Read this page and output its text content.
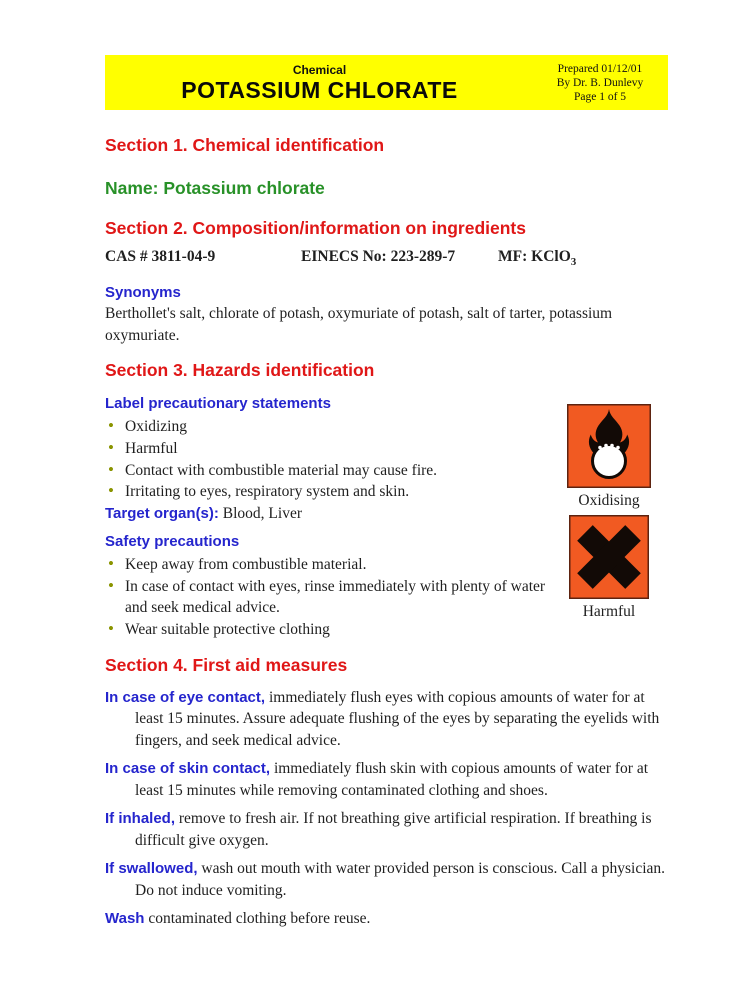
Chemical
POTASSIUM CHLORATE
Prepared 01/12/01
By Dr. B. Dunlevy
Page 1 of 5
Section 1. Chemical identification
Name: Potassium chlorate
Section 2. Composition/information on ingredients
CAS # 3811-04-9	EINECS No: 223-289-7	MF: KClO$_3$
Synonyms

Berthollet's salt, chlorate of potash, oxymuriate of potash, salt of tarter, potassium oxymuriate.

Section 3. Hazards identification
Label precautionary statements
• Oxidizing
• Harmful
• Contact with combustible material may cause fire.
• Irritating to eyes, respiratory system and skin.
Target organ(s): Blood, Liver
Safety precautions
• Keep away from combustible material.
• In case of contact with eyes, rinse immediately with plenty of water and seek medical advice.
• Wear suitable protective clothing
Section 4. First aid measures

In case of eye contact, immediately flush eyes with copious amounts of water for at least 15 minutes. Assure adequate flushing of the eyes by separating the eyelids with fingers, and seek medical advice.

In case of skin contact, immediately flush skin with copious amounts of water for at least 15 minutes while removing contaminated clothing and shoes.

If inhaled, remove to fresh air. If not breathing give artificial respiration. If breathing is difficult give oxygen.

If swallowed, wash out mouth with water provided person is conscious. Call a physician. Do not induce vomiting.

Wash contaminated clothing before reuse.

Oxidising
Harmful
